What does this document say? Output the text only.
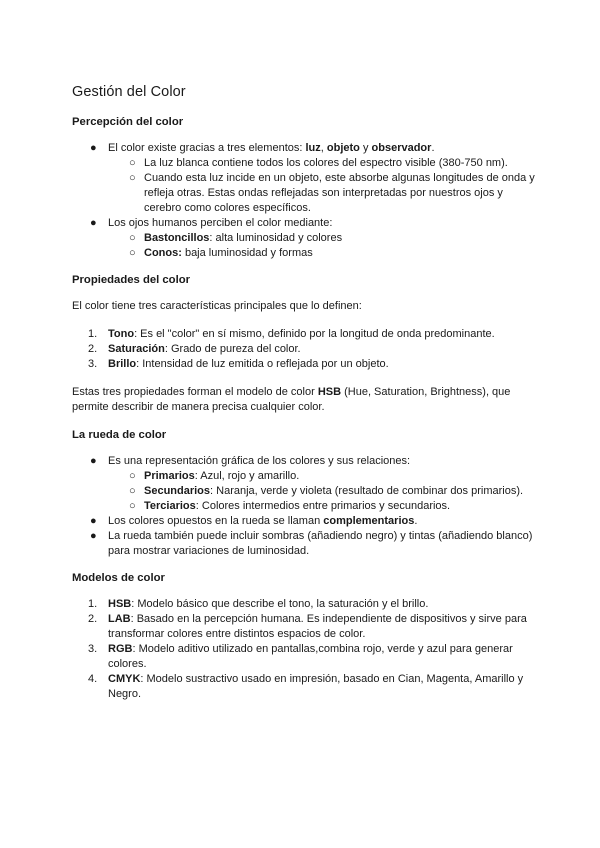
Gestión del Color
Percepción del color
● El color existe gracias a tres elementos: luz, objeto y observador.
○ La luz blanca contiene todos los colores del espectro visible (380-750 nm).
○ Cuando esta luz incide en un objeto, este absorbe algunas longitudes de onda y refleja otras. Estas ondas reflejadas son interpretadas por nuestros ojos y cerebro como colores específicos.
● Los ojos humanos perciben el color mediante:
○ Bastoncillos: alta luminosidad y colores
○ Conos: baja luminosidad y formas
Propiedades del color

El color tiene tres características principales que lo definen:

1. Tono: Es el "color" en sí mismo, definido por la longitud de onda predominante.
2. Saturación: Grado de pureza del color.
3. Brillo: Intensidad de luz emitida o reflejada por un objeto.

Estas tres propiedades forman el modelo de color HSB (Hue, Saturation, Brightness), que permite describir de manera precisa cualquier color.

La rueda de color
● Es una representación gráfica de los colores y sus relaciones:
○ Primarios: Azul, rojo y amarillo.
○ Secundarios: Naranja, verde y violeta (resultado de combinar dos primarios).
○ Terciarios: Colores intermedios entre primarios y secundarios.
● Los colores opuestos en la rueda se llaman complementarios.
● La rueda también puede incluir sombras (añadiendo negro) y tintas (añadiendo blanco) para mostrar variaciones de luminosidad.
Modelos de color
1. HSB: Modelo básico que describe el tono, la saturación y el brillo.
2. LAB: Basado en la percepción humana. Es independiente de dispositivos y sirve para transformar colores entre distintos espacios de color.
3. RGB: Modelo aditivo utilizado en pantallas,combina rojo, verde y azul para generar colores.
4. CMYK: Modelo sustractivo usado en impresión, basado en Cian, Magenta, Amarillo y Negro.
